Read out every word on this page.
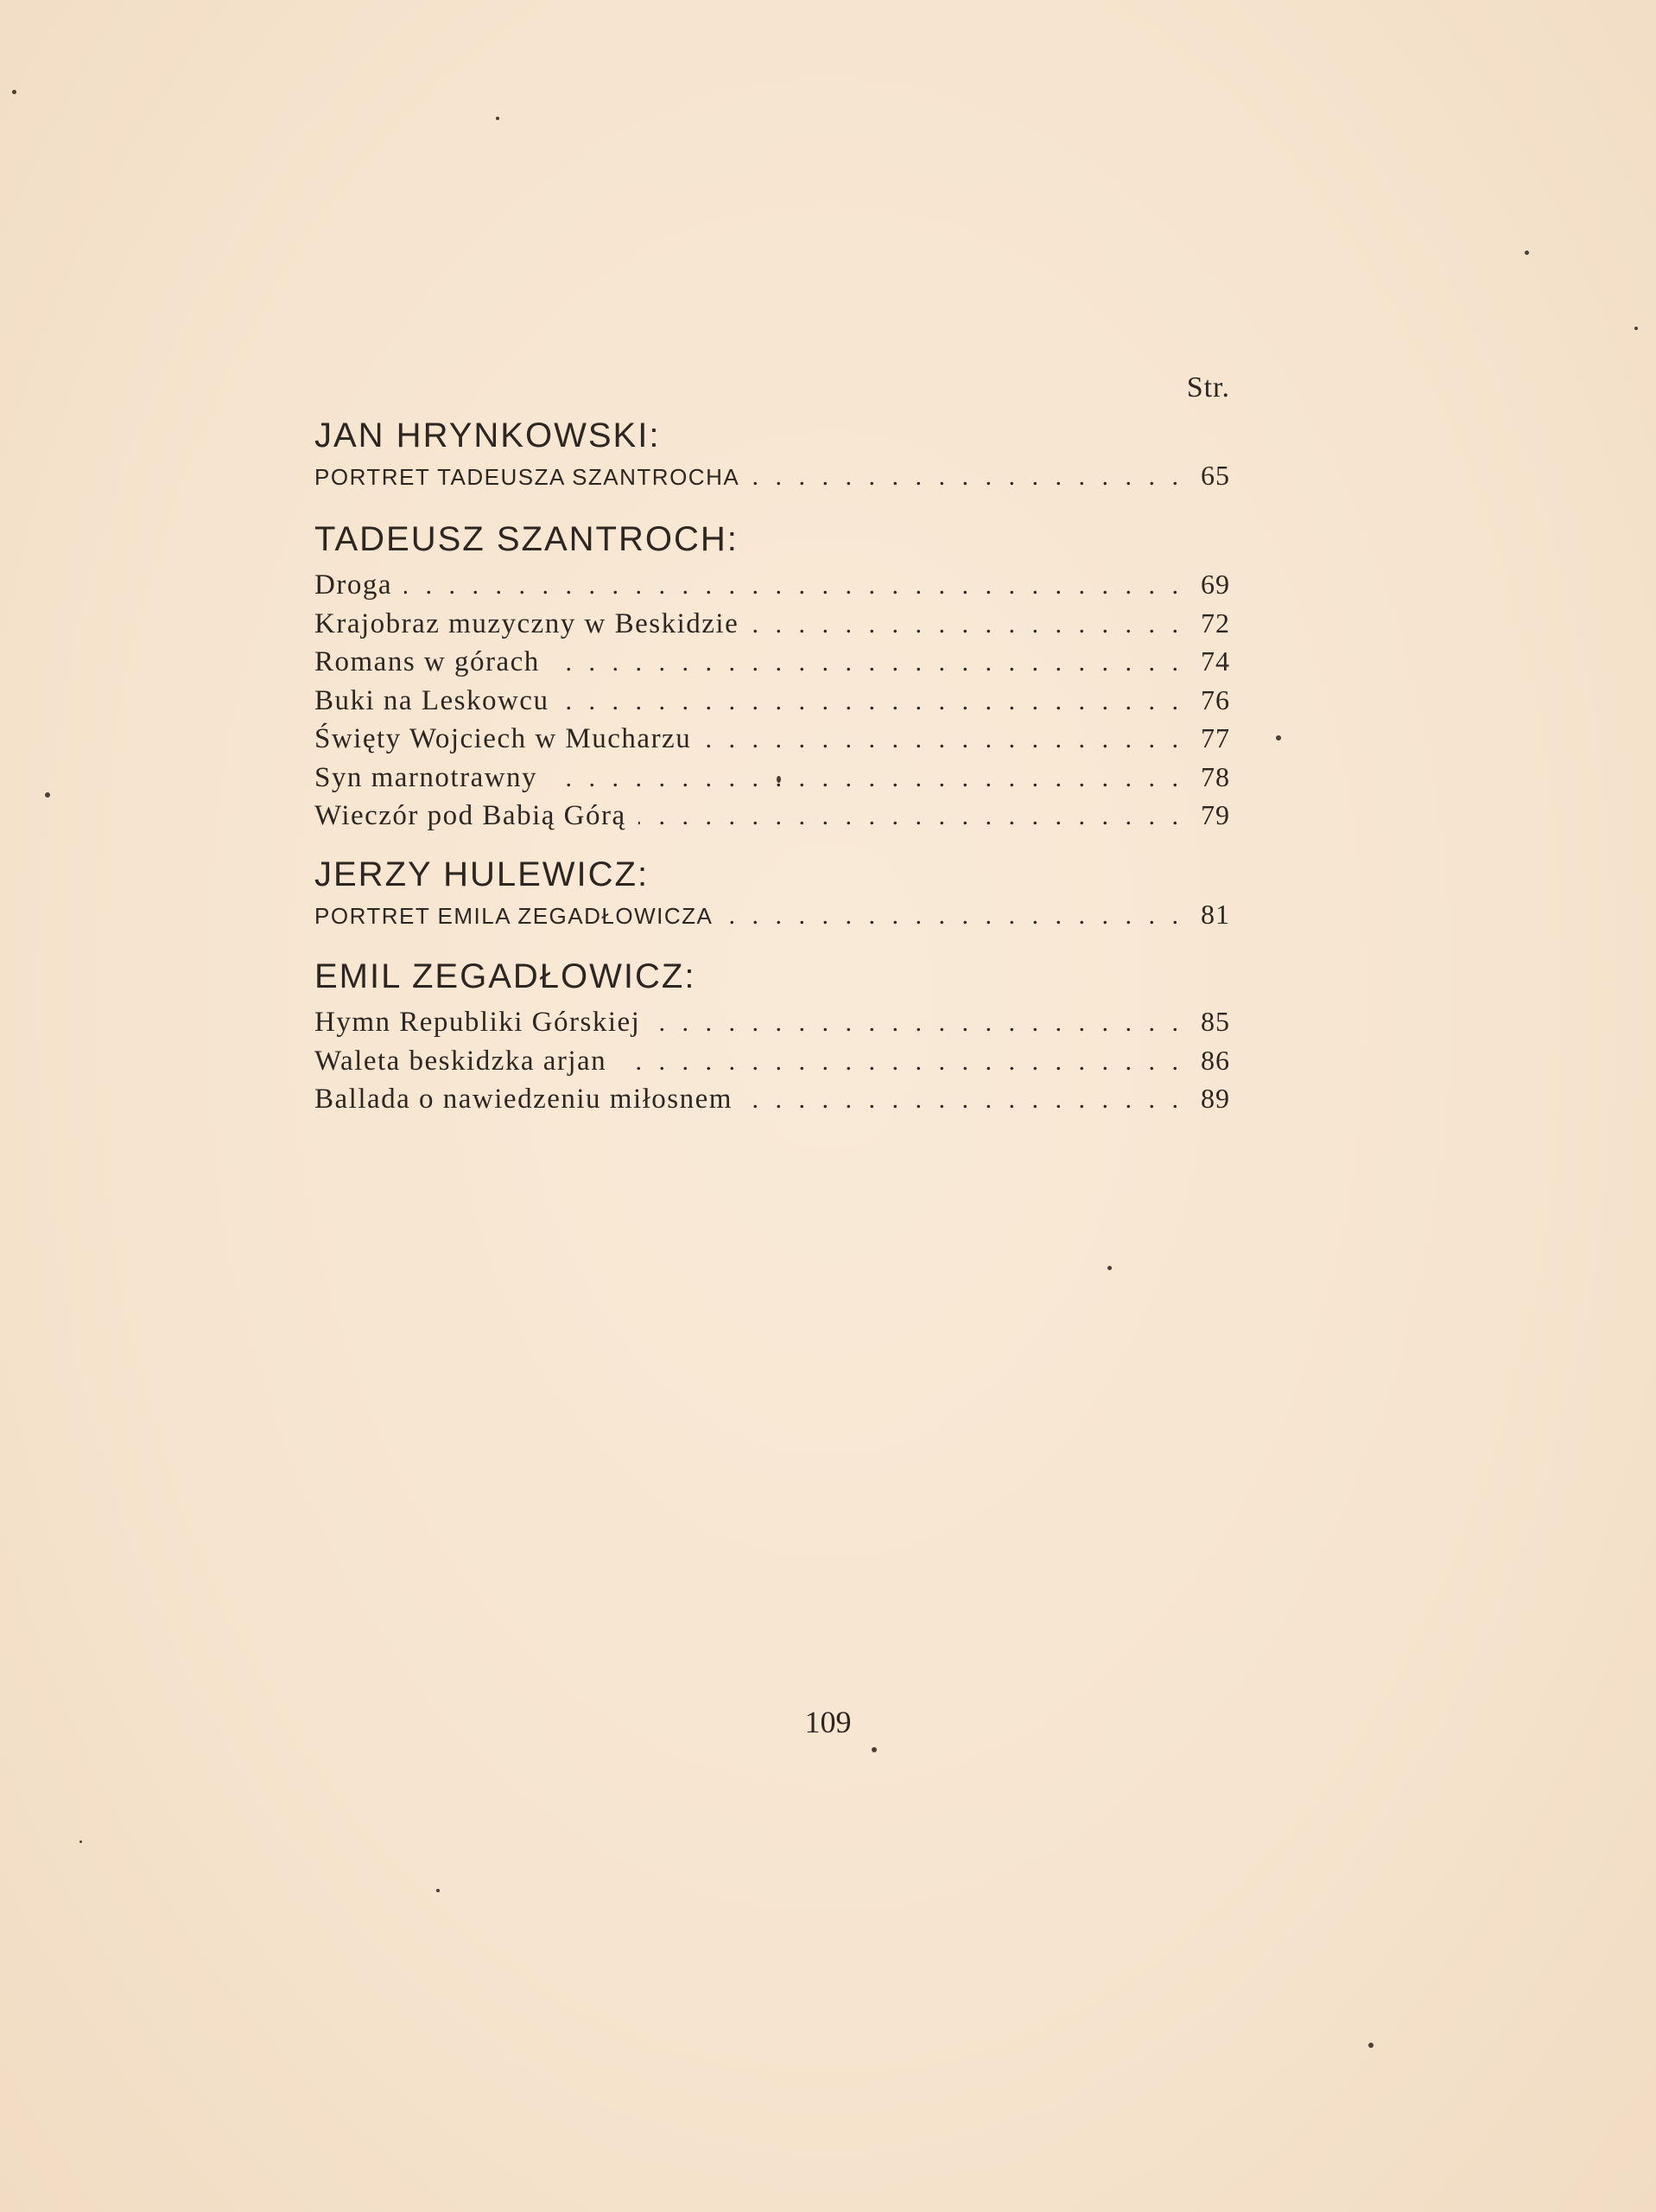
Str.
JAN HRYNKOWSKI:
PORTRET TADEUSZA SZANTROCHA . . .	65
TADEUSZ SZANTROCH:
Droga . . .	69
Krajobraz muzyczny w Beskidzie . . .	72
Romans w górach . . .	74
Buki na Leskowcu . . .	76
Święty Wojciech w Mucharzu . . .	77
Syn marnotrawny . . .	78
Wieczór pod Babią Górą . . .	79
JERZY HULEWICZ:
PORTRET EMILA ZEGADŁOWICZA . . .	81
EMIL ZEGADŁOWICZ:
Hymn Republiki Górskiej . . .	85
Waleta beskidzka arjan . . .	86
Ballada o nawiedzeniu miłosnem . . .	89
109
